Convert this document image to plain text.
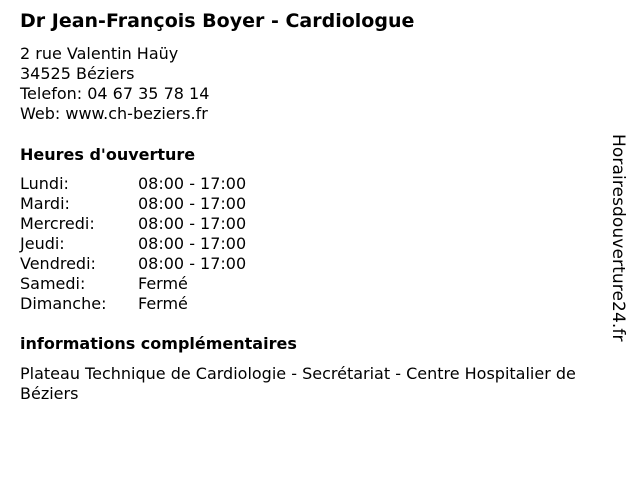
Dr Jean-François Boyer - Cardiologue
2 rue Valentin Haüy
34525 Béziers
Telefon: 04 67 35 78 14
Web: www.ch-beziers.fr
Heures d'ouverture
Lundi:	08:00 - 17:00
Mardi:	08:00 - 17:00
Mercredi:	08:00 - 17:00
Jeudi:	08:00 - 17:00
Vendredi:	08:00 - 17:00
Samedi:	Fermé
Dimanche:	Fermé
informations complémentaires
Plateau Technique de Cardiologie - Secrétariat - Centre Hospitalier de Béziers
Horairesdouverture24.fr
